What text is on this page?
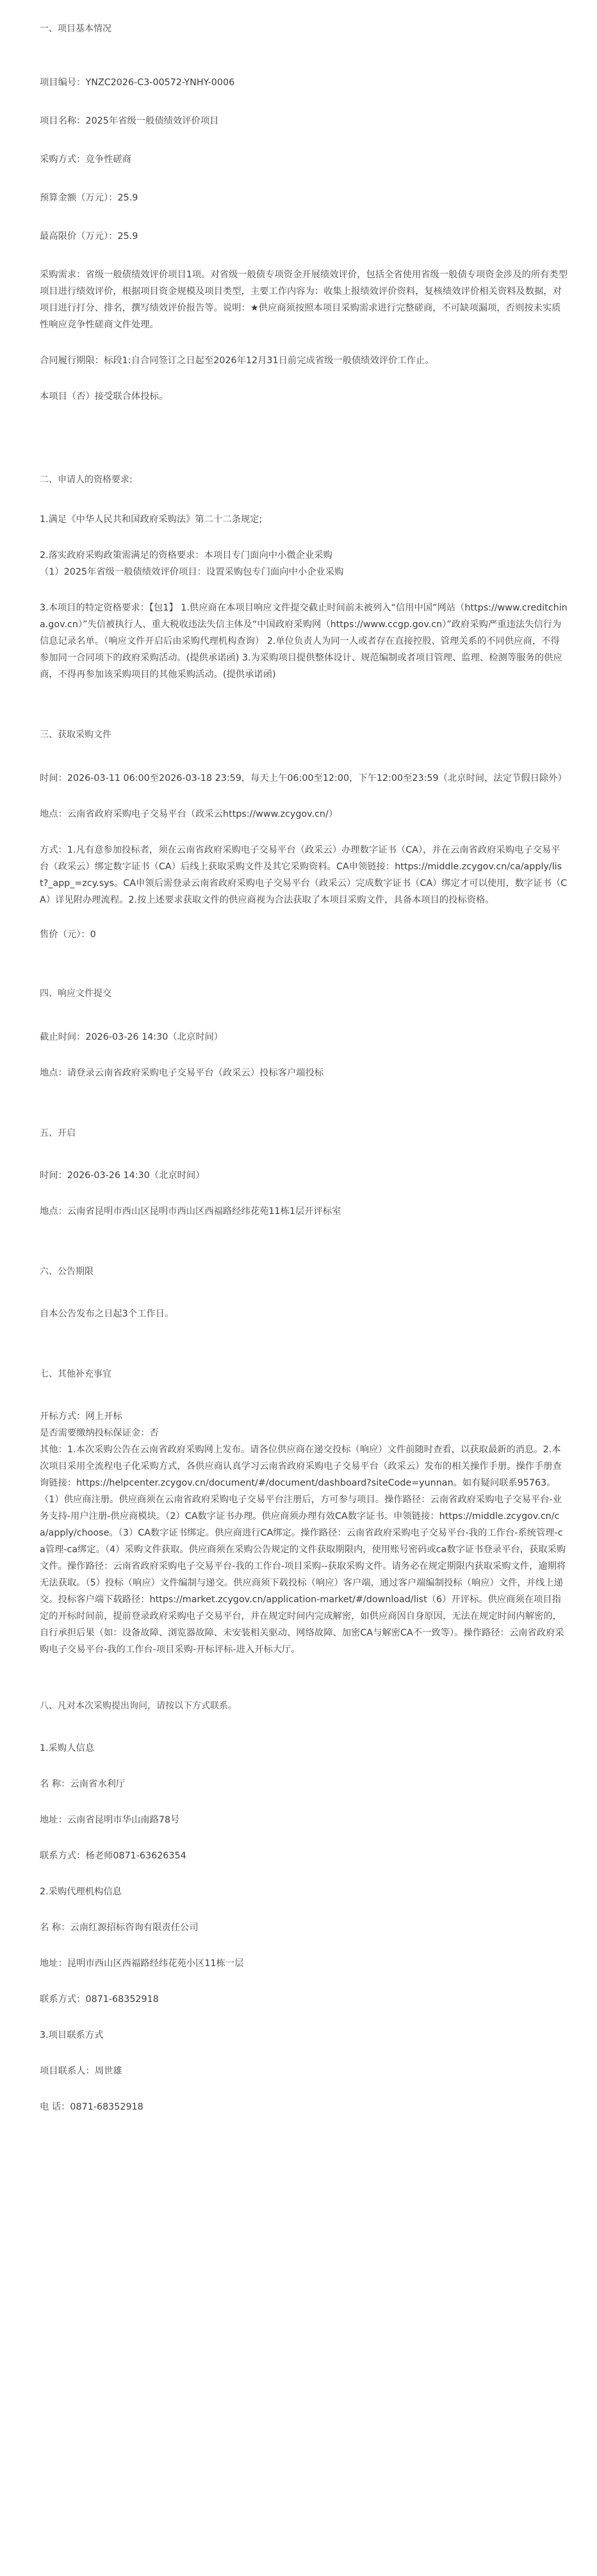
一、项目基本情况

项目编号：YNZC2026-C3-00572-YNHY-0006

项目名称：2025年省级一般债绩效评价项目

采购方式：竞争性磋商

预算金额（万元）：25.9

最高限价（万元）：25.9

采购需求：省级一般债绩效评价项目1项。对省级一般债专项资金开展绩效评价，包括全省使用省级一般债专项资金涉及的所有类型项目进行绩效评价，根据项目资金规模及项目类型，主要工作内容为：收集上报绩效评价资料，复核绩效评价相关资料及数据，对项目进行打分、排名，撰写绩效评价报告等。说明：★供应商须按照本项目采购需求进行完整磋商，不可缺项漏项，否则按未实质性响应竞争性磋商文件处理。

合同履行期限：标段1:自合同签订之日起至2026年12月31日前完成省级一般债绩效评价工作止。

本项目（否）接受联合体投标。

二、申请人的资格要求:

1.满足《中华人民共和国政府采购法》第二十二条规定;

2.落实政府采购政策需满足的资格要求：本项目专门面向中小微企业采购

（1）2025年省级一般债绩效评价项目：设置采购包专门面向中小企业采购

3.本项目的特定资格要求：【包1】 1.供应商在本项目响应文件提交截止时间前未被列入“信用中国”网站（https://www.creditchina.gov.cn）”失信被执行人、重大税收违法失信主体及“中国政府采购网（https://www.ccgp.gov.cn）”政府采购严重违法失信行为信息记录名单。（响应文件开启后由采购代理机构查询） 2.单位负责人为同一人或者存在直接控股、管理关系的不同供应商，不得参加同一合同项下的政府采购活动。(提供承诺函) 3.为采购项目提供整体设计、规范编制或者项目管理、监理、检测等服务的供应商，不得再参加该采购项目的其他采购活动。(提供承诺函)

三、获取采购文件

时间：2026-03-11 06:00至2026-03-18 23:59，每天上午06:00至12:00，下午12:00至23:59（北京时间，法定节假日除外）

地点：云南省政府采购电子交易平台（政采云https://www.zcygov.cn/）

方式：1.凡有意参加投标者，须在云南省政府采购电子交易平台（政采云）办理数字证书（CA），并在云南省政府采购电子交易平台（政采云）绑定数字证书（CA）后线上获取采购文件及其它采购资料。CA申领链接：https://middle.zcygov.cn/ca/apply/list?_app_=zcy.sys。CA申领后需登录云南省政府采购电子交易平台（政采云）完成数字证书（CA）绑定才可以使用，数字证书（CA）详见附办理流程。2.按上述要求获取文件的供应商视为合法获取了本项目采购文件，具备本项目的投标资格。

售价（元）：0

四、响应文件提交

截止时间：2026-03-26 14:30（北京时间）

地点：请登录云南省政府采购电子交易平台（政采云）投标客户端投标

五、开启

时间：2026-03-26 14:30（北京时间）

地点：云南省昆明市西山区昆明市西山区西福路经纬花苑11栋1层开评标室

六、公告期限

自本公告发布之日起3个工作日。

七、其他补充事宜

开标方式：网上开标

是否需要缴纳投标保证金：否

其他：1.本次采购公告在云南省政府采购网上发布。请各位供应商在递交投标（响应）文件前随时查看，以获取最新的消息。2.本次项目采用全流程电子化采购方式，各供应商认真学习云南省政府采购电子交易平台（政采云）发布的相关操作手册。操作手册查询链接：https://helpcenter.zcygov.cn/document/#/document/dashboard?siteCode=yunnan。如有疑问联系95763。（1）供应商注册。供应商须在云南省政府采购电子交易平台注册后，方可参与项目。操作路径：云南省政府采购电子交易平台-业务支持-用户注册-供应商模块。（2）CA数字证书办理。供应商须办理有效CA数字证书。申领链接：https://middle.zcygov.cn/ca/apply/choose。（3）CA数字证书绑定。供应商进行CA绑定。操作路径：云南省政府采购电子交易平台-我的工作台-系统管理-ca管理-ca绑定。（4）采购文件获取。供应商须在采购公告规定的文件获取期限内，使用账号密码或ca数字证书登录平台，获取采购文件。操作路径：云南省政府采购电子交易平台-我的工作台-项目采购--获取采购文件。请务必在规定期限内获取采购文件，逾期将无法获取。（5）投标（响应）文件编制与递交。供应商须下载投标（响应）客户端，通过客户端编制投标（响应）文件，并线上递交。投标客户端下载路径：https://market.zcygov.cn/application-market/#/download/list（6）开评标。供应商须在项目指定的开标时间前，提前登录政府采购电子交易平台，并在规定时间内完成解密，如供应商因自身原因，无法在规定时间内解密的，自行承担后果（如：设备故障、浏览器故障、未安装相关驱动、网络故障、加密CA与解密CA不一致等）。操作路径：云南省政府采购电子交易平台-我的工作台-项目采购-开标评标-进入开标大厅。

八、凡对本次采购提出询问，请按以下方式联系。

1.采购人信息

名 称：云南省水利厅

地址：云南省昆明市华山南路78号

联系方式：杨老师0871-63626354

2.采购代理机构信息

名 称：云南红源招标咨询有限责任公司

地址：昆明市西山区西福路经纬花苑小区11栋一层

联系方式：0871-68352918

3.项目联系方式

项目联系人：周世雄

电 话：0871-68352918
